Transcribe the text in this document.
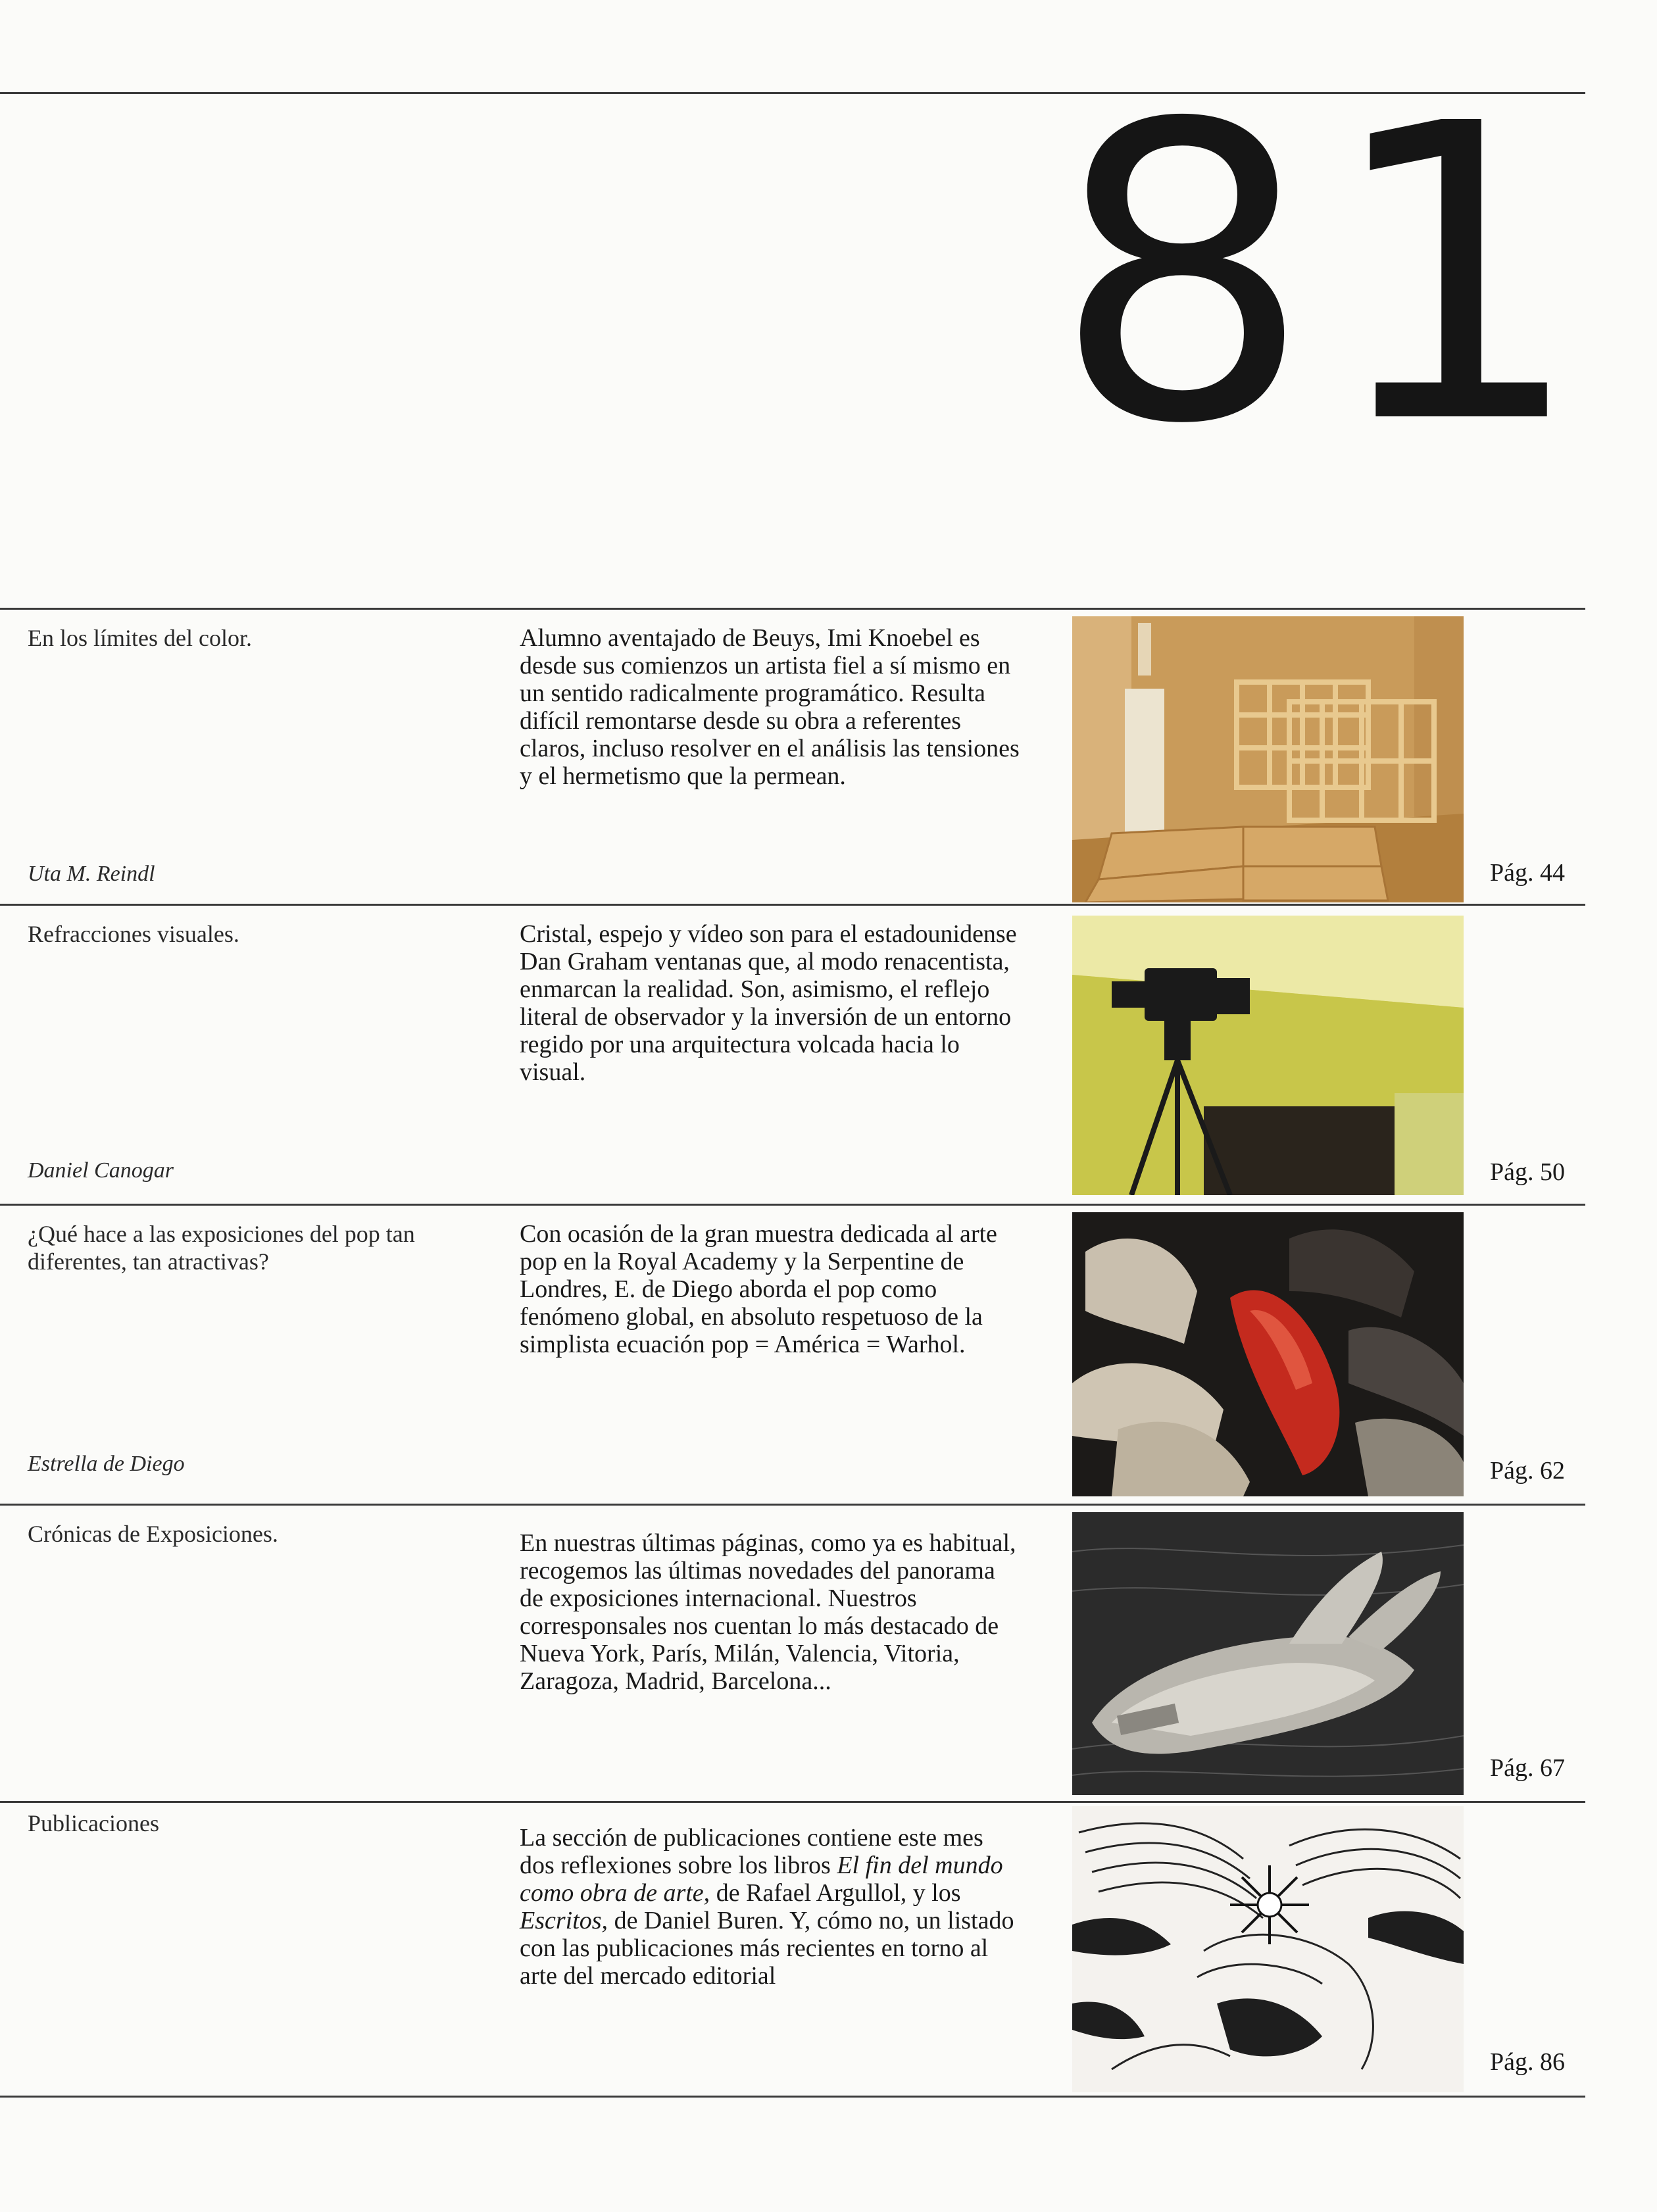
81
En los límites del color.
Uta M. Reindl
Alumno aventajado de Beuys, Imi Knoebel es desde sus comienzos un artista fiel a sí mismo en un sentido radicalmente programático. Resulta difícil remontarse desde su obra a referentes claros, incluso resolver en el análisis las tensiones y el hermetismo que la permean.
Pág. 44
Refracciones visuales.
Daniel Canogar
Cristal, espejo y vídeo son para el estadounidense Dan Graham ventanas que, al modo renacentista, enmarcan la realidad. Son, asimismo, el reflejo literal de observador y la inversión de un entorno regido por una arquitectura volcada hacia lo visual.
Pág. 50
¿Qué hace a las exposiciones del pop tan diferentes, tan atractivas?
Estrella de Diego
Con ocasión de la gran muestra dedicada al arte pop en la Royal Academy y la Serpentine de Londres, E. de Diego aborda el pop como fenómeno global, en absoluto respetuoso de la simplista ecuación pop = América = Warhol.
Pág. 62
Crónicas de Exposiciones.	En nuestras últimas páginas, como ya es habitual, recogemos las últimas novedades del panorama de exposiciones internacional. Nuestros corresponsales nos cuentan lo más destacado de Nueva York, París, Milán, Valencia, Vitoria, Zaragoza, Madrid, Barcelona...
Pág. 67
Publicaciones
La sección de publicaciones contiene este mes dos reflexiones sobre los libros El fin del mundo como obra de arte, de Rafael Argullol, y los Escritos, de Daniel Buren. Y, cómo no, un listado con las publicaciones más recientes en torno al arte del mercado editorial
Pág. 86
